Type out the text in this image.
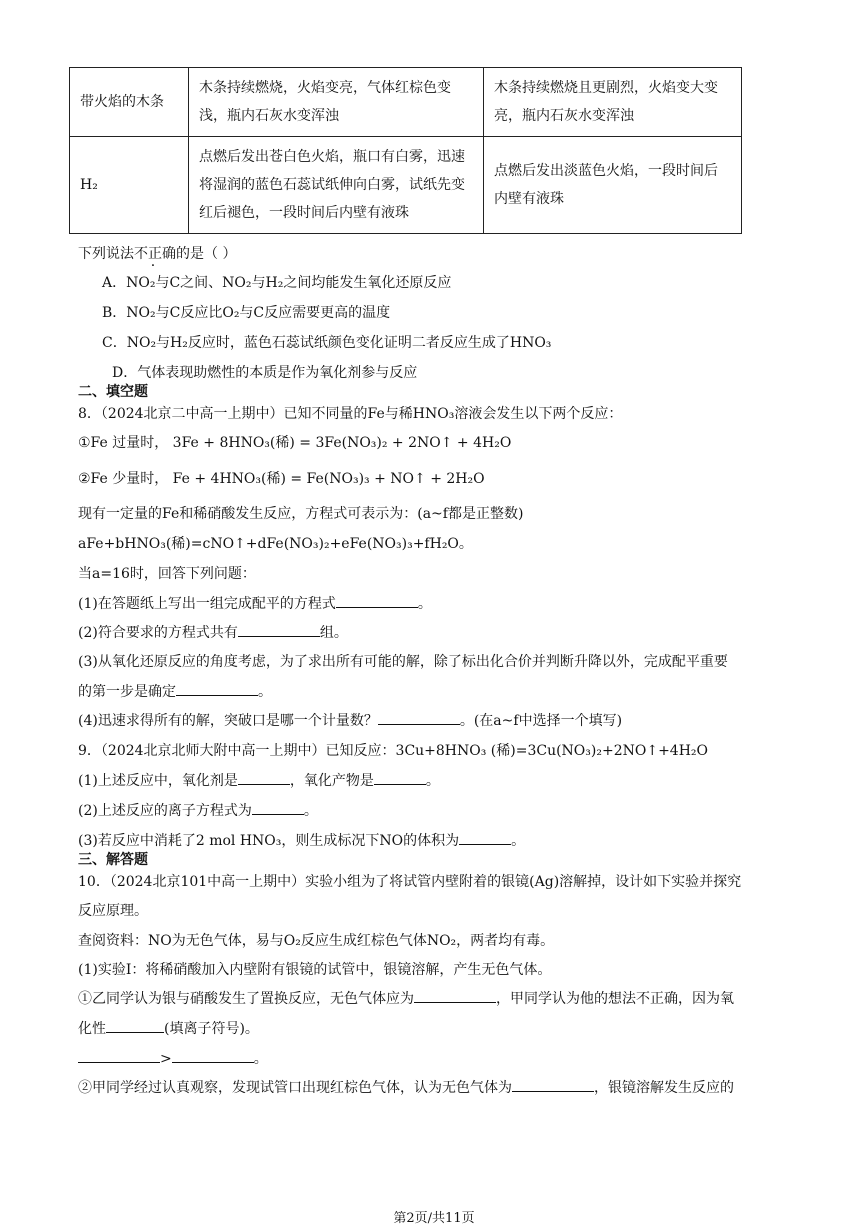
带火焰的木条	木条持续燃烧，火焰变亮，气体红棕色变浅，瓶内石灰水变浑浊	木条持续燃烧且更剧烈，火焰变大变亮，瓶内石灰水变浑浊
H₂	点燃后发出苍白色火焰，瓶口有白雾，迅速将湿润的蓝色石蕊试纸伸向白雾，试纸先变红后褪色，一段时间后内壁有液珠	点燃后发出淡蓝色火焰，一段时间后内壁有液珠
下列说法不正确的是（ ）
A．NO₂与C之间、NO₂与H₂之间均能发生氧化还原反应
B．NO₂与C反应比O₂与C反应需要更高的温度
C．NO₂与H₂反应时，蓝色石蕊试纸颜色变化证明二者反应生成了HNO₃
D．气体表现助燃性的本质是作为氧化剂参与反应
二、填空题
8．（2024北京二中高一上期中）已知不同量的Fe与稀HNO₃溶液会发生以下两个反应：
①Fe 过量时， 3Fe + 8HNO₃(稀) = 3Fe(NO₃)₂ + 2NO↑ + 4H₂O
②Fe 少量时， Fe + 4HNO₃(稀) = Fe(NO₃)₃ + NO↑ + 2H₂O
现有一定量的Fe和稀硝酸发生反应，方程式可表示为：(a~f都是正整数)
aFe+bHNO₃(稀)=cNO↑+dFe(NO₃)₂+eFe(NO₃)₃+fH₂O。
当a=16时，回答下列问题：
(1)在答题纸上写出一组完成配平的方程式	。
(2)符合要求的方程式共有	组。
(3)从氧化还原反应的角度考虑，为了求出所有可能的解，除了标出化合价并判断升降以外，完成配平重要
的第一步是确定	。
(4)迅速求得所有的解，突破口是哪一个计量数？	。(在a~f中选择一个填写)
9．（2024北京北师大附中高一上期中）已知反应：3Cu+8HNO₃ (稀)=3Cu(NO₃)₂+2NO↑+4H₂O
(1)上述反应中，氧化剂是	，氧化产物是	。
(2)上述反应的离子方程式为	。
(3)若反应中消耗了2 mol HNO₃，则生成标况下NO的体积为	。
三、解答题
10．（2024北京101中高一上期中）实验小组为了将试管内壁附着的银镜(Ag)溶解掉，设计如下实验并探究
反应原理。
查阅资料：NO为无色气体，易与O₂反应生成红棕色气体NO₂，两者均有毒。
(1)实验Ⅰ：将稀硝酸加入内壁附有银镜的试管中，银镜溶解，产生无色气体。
①乙同学认为银与硝酸发生了置换反应，无色气体应为	，甲同学认为他的想法不正确，因为氧
化性	(填离子符号)。
>	。
②甲同学经过认真观察，发现试管口出现红棕色气体，认为无色气体为	，银镜溶解发生反应的
第2页/共11页
